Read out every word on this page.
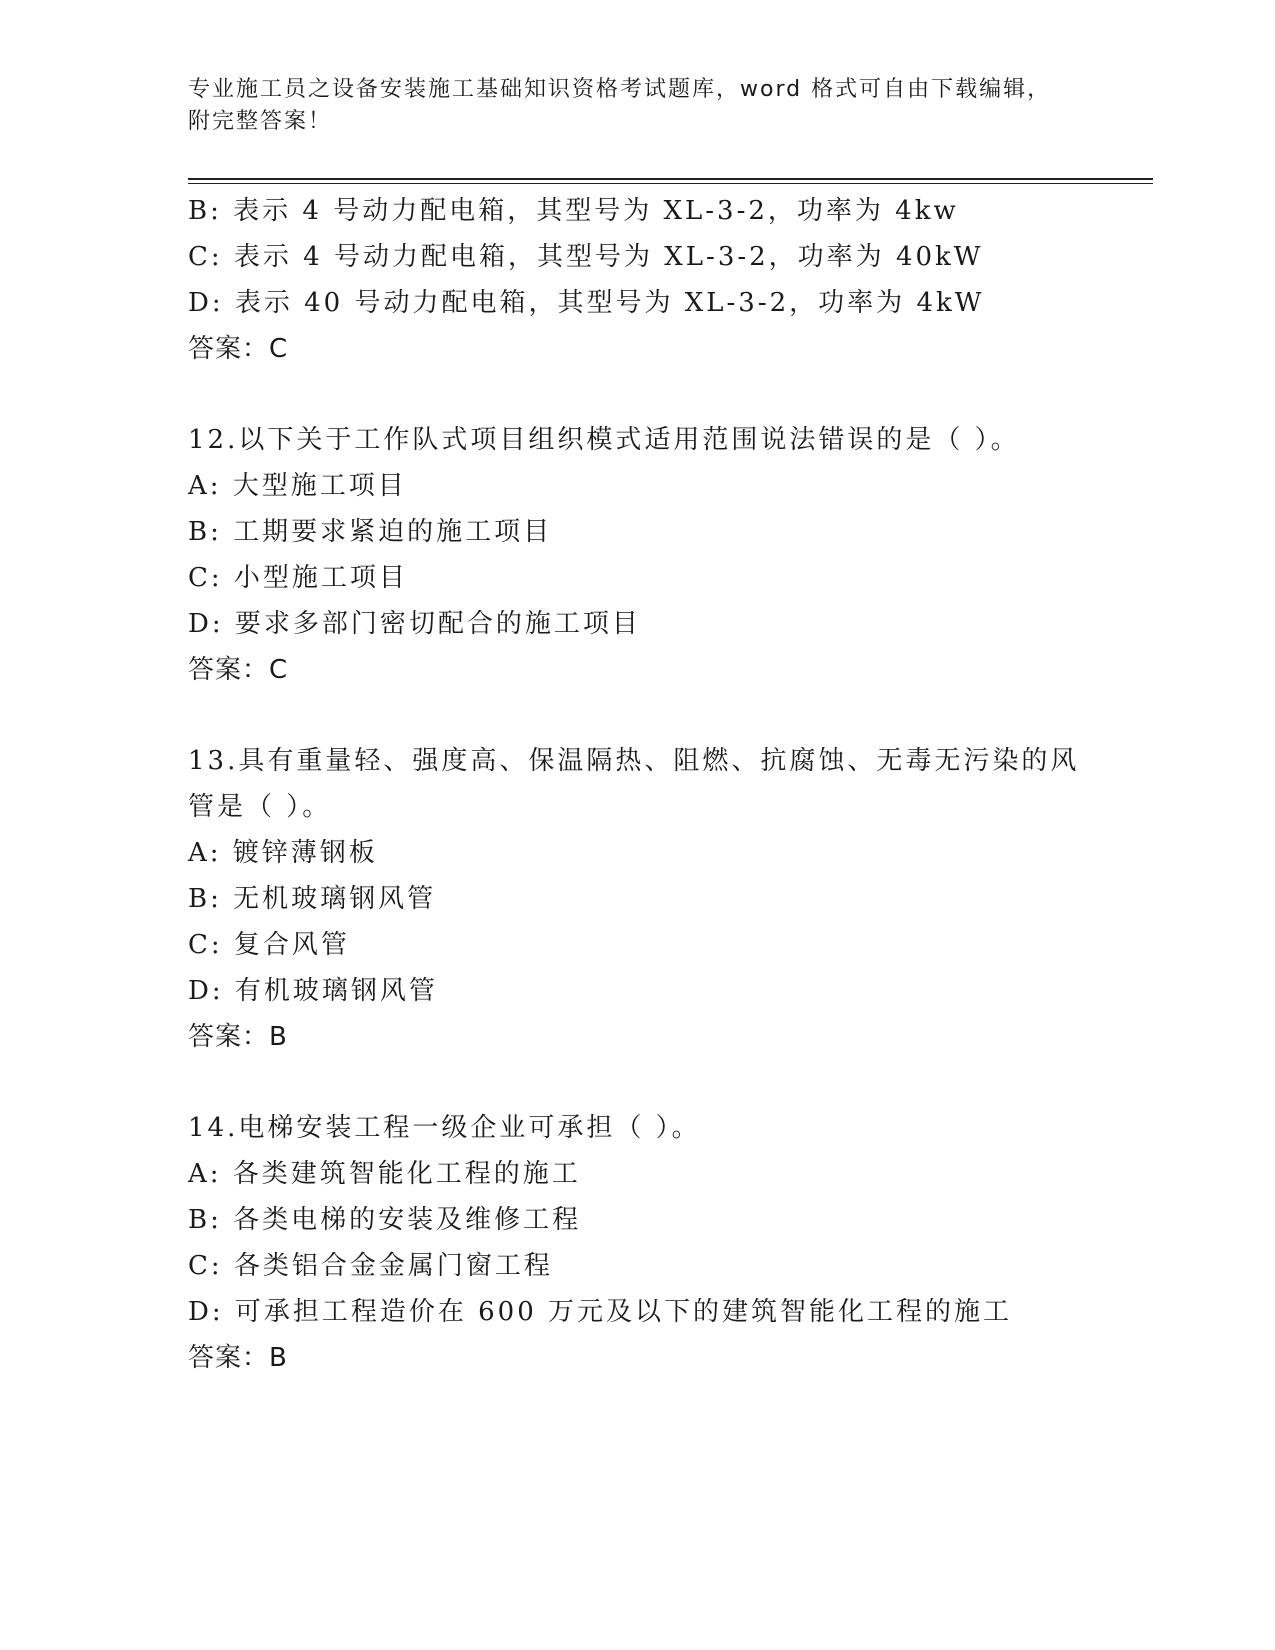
专业施工员之设备安装施工基础知识资格考试题库，word 格式可自由下载编辑，
附完整答案！
B: 表示 4 号动力配电箱，其型号为 XL-3-2，功率为 4kw
C: 表示 4 号动力配电箱，其型号为 XL-3-2，功率为 40kW
D: 表示 40 号动力配电箱，其型号为 XL-3-2，功率为 4kW
答案：C
12.以下关于工作队式项目组织模式适用范围说法错误的是（ ）。
A: 大型施工项目
B: 工期要求紧迫的施工项目
C: 小型施工项目
D: 要求多部门密切配合的施工项目
答案：C
13.具有重量轻、强度高、保温隔热、阻燃、抗腐蚀、无毒无污染的风
管是（ ）。
A: 镀锌薄钢板
B: 无机玻璃钢风管
C: 复合风管
D: 有机玻璃钢风管
答案：B
14.电梯安装工程一级企业可承担（ ）。
A: 各类建筑智能化工程的施工
B: 各类电梯的安装及维修工程
C: 各类铝合金金属门窗工程
D: 可承担工程造价在 600 万元及以下的建筑智能化工程的施工
答案：B
